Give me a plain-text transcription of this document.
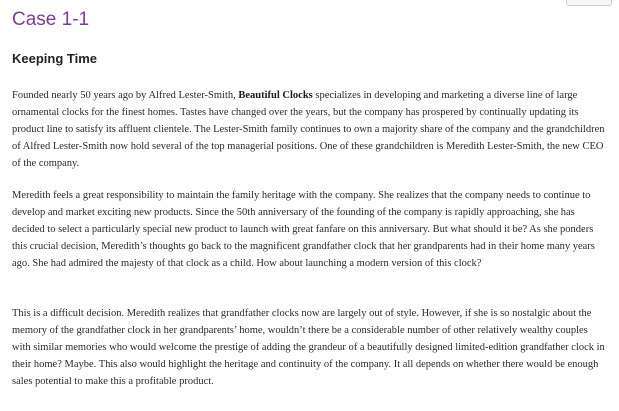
Case 1-1
Keeping Time

Founded nearly 50 years ago by Alfred Lester-Smith, Beautiful Clocks specializes in developing and marketing a diverse line of large ornamental clocks for the finest homes. Tastes have changed over the years, but the company has prospered by continually updating its product line to satisfy its affluent clientele. The Lester-Smith family continues to own a majority share of the company and the grandchildren of Alfred Lester-Smith now hold several of the top managerial positions. One of these grandchildren is Meredith Lester-Smith, the new CEO of the company.

Meredith feels a great responsibility to maintain the family heritage with the company. She realizes that the company needs to continue to develop and market exciting new products. Since the 50th anniversary of the founding of the company is rapidly approaching, she has decided to select a particularly special new product to launch with great fanfare on this anniversary. But what should it be? As she ponders this crucial decision, Meredith’s thoughts go back to the magnificent grandfather clock that her grandparents had in their home many years ago. She had admired the majesty of that clock as a child. How about launching a modern version of this clock?

This is a difficult decision. Meredith realizes that grandfather clocks now are largely out of style. However, if she is so nostalgic about the memory of the grandfather clock in her grandparents’ home, wouldn’t there be a considerable number of other relatively wealthy couples with similar memories who would welcome the prestige of adding the grandeur of a beautifully designed limited-edition grandfather clock in their home? Maybe. This also would highlight the heritage and continuity of the company. It all depends on whether there would be enough sales potential to make this a profitable product.
